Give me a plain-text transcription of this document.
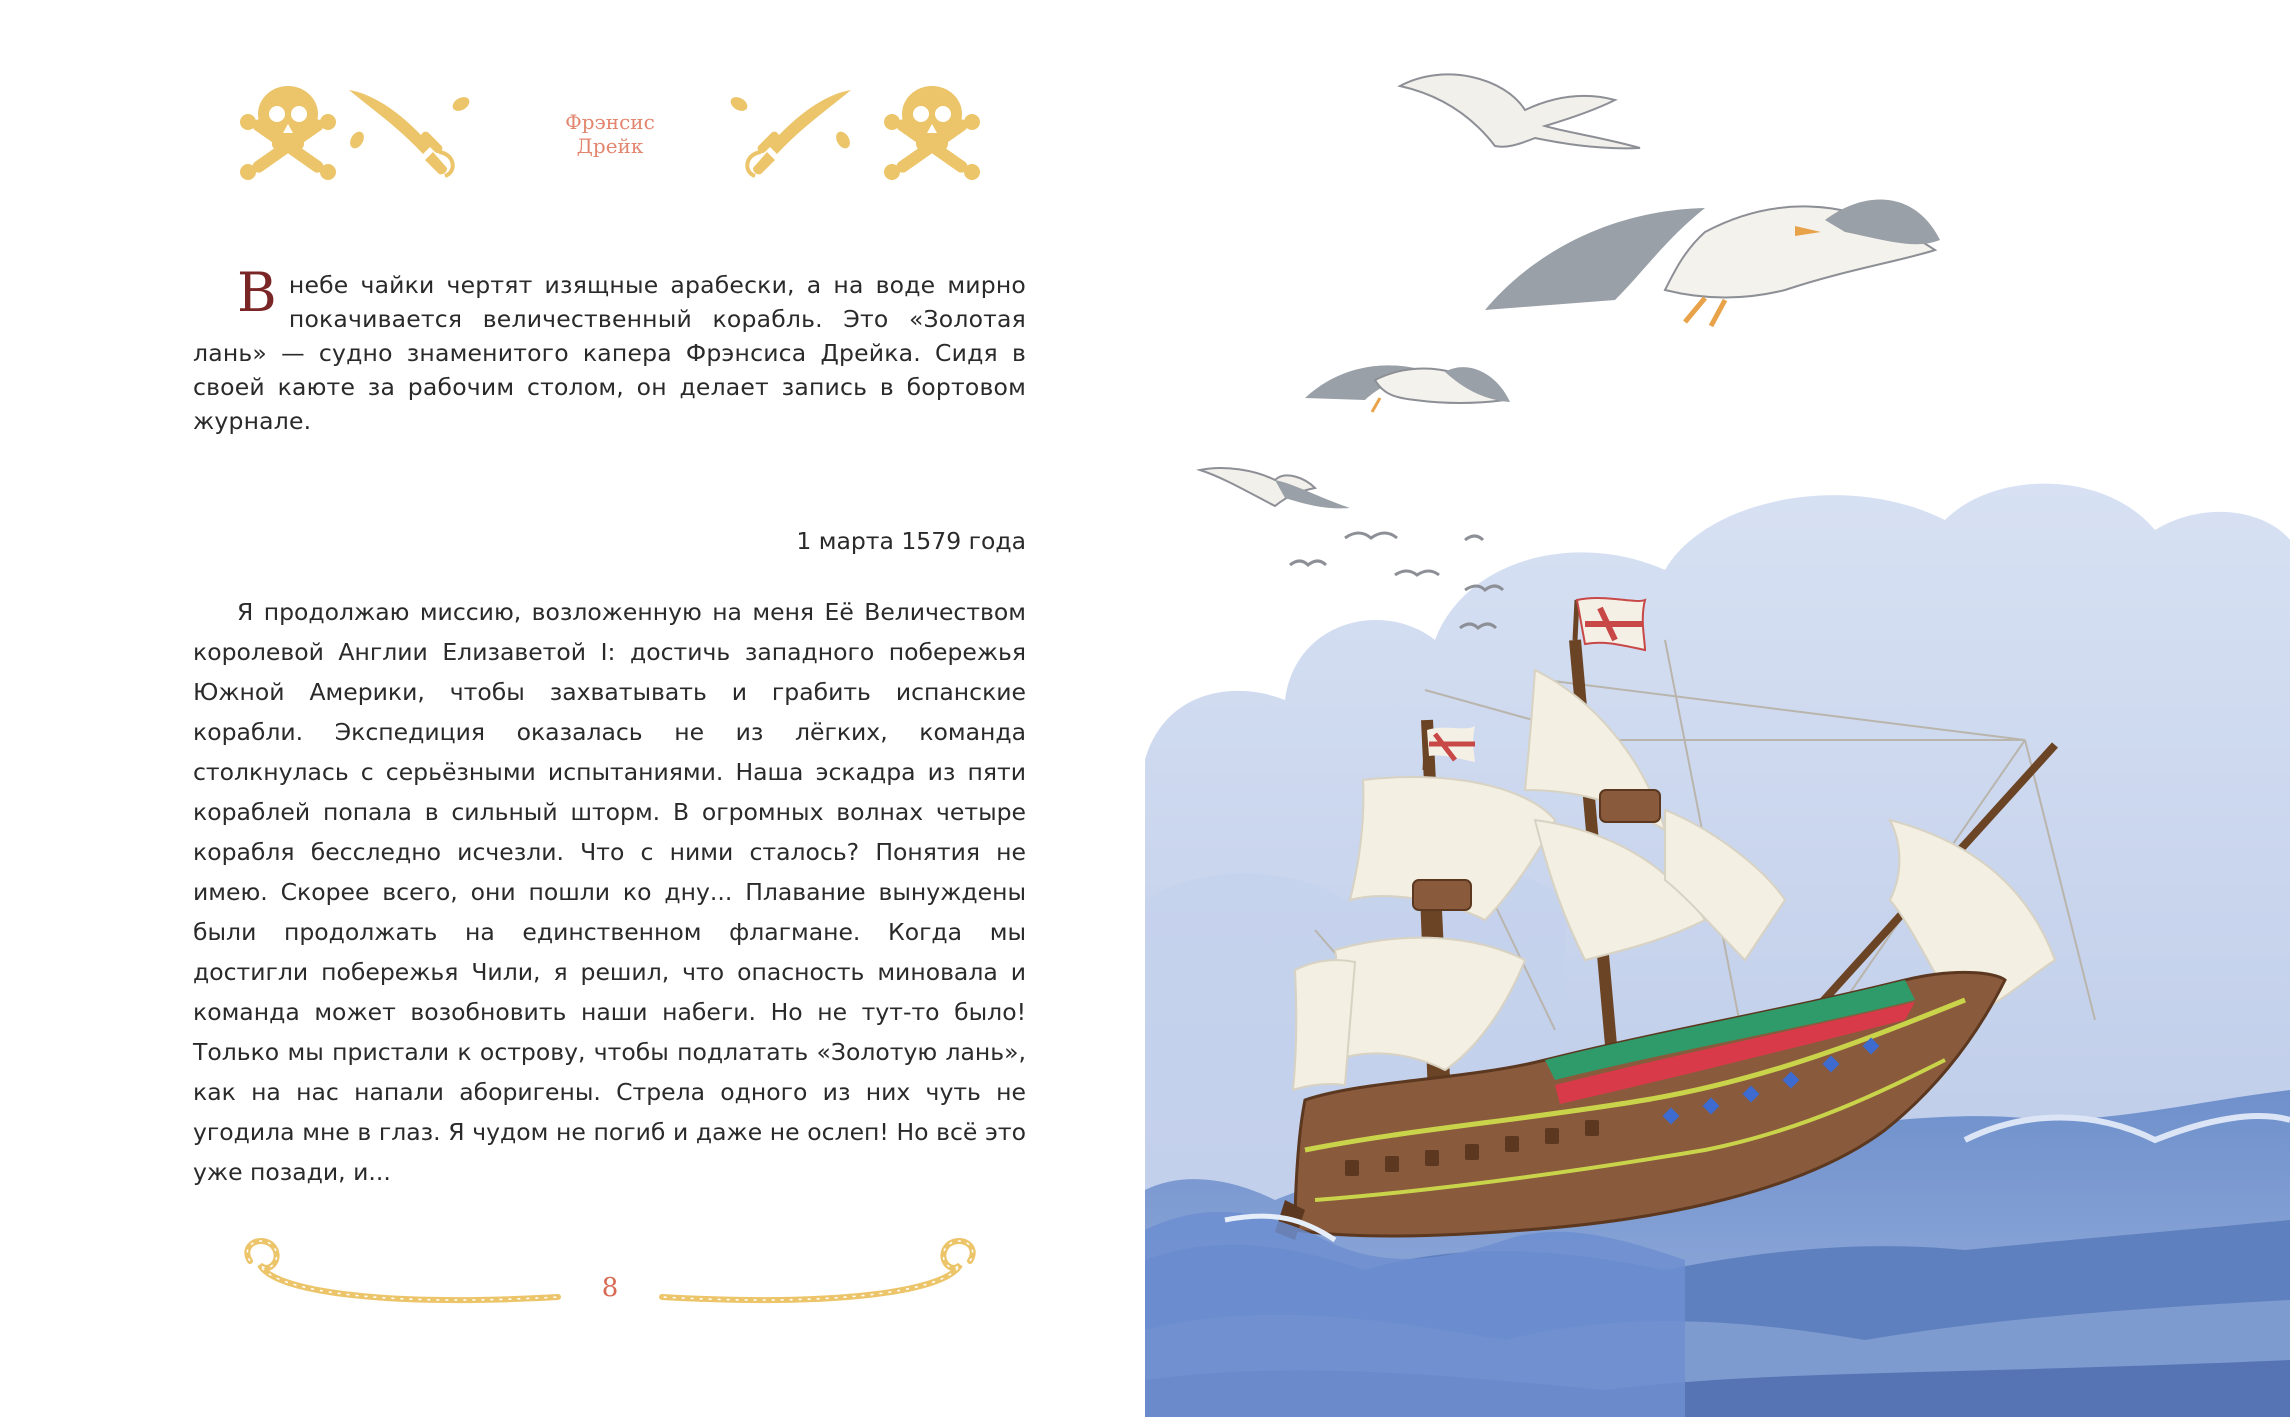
Фрэнсис
Дрейк
В небе чайки чертят изящные арабески, а на воде мирно покачивается величественный корабль. Это «Золотая лань» — судно знаменитого капера Фрэнсиса Дрейка. Сидя в своей каюте за рабочим столом, он делает запись в бортовом журнале.
1 марта 1579 года
Я продолжаю миссию, возложенную на меня Её Величеством королевой Англии Елизаветой I: достичь западного побережья Южной Америки, чтобы захватывать и грабить испанские корабли. Экспедиция оказалась не из лёгких, команда столкнулась с серьёзными испытаниями. Наша эскадра из пяти кораблей попала в сильный шторм. В огромных волнах четыре корабля бесследно исчезли. Что с ними сталось? Понятия не имею. Скорее всего, они пошли ко дну... Плавание вынуждены были продолжать на единственном флагмане. Когда мы достигли побережья Чили, я решил, что опасность миновала и команда может возобновить наши набеги. Но не тут-то было! Только мы пристали к острову, чтобы подлатать «Золотую лань», как на нас напали аборигены. Стрела одного из них чуть не угодила мне в глаз. Я чудом не погиб и даже не ослеп! Но всё это уже позади, и...
8
